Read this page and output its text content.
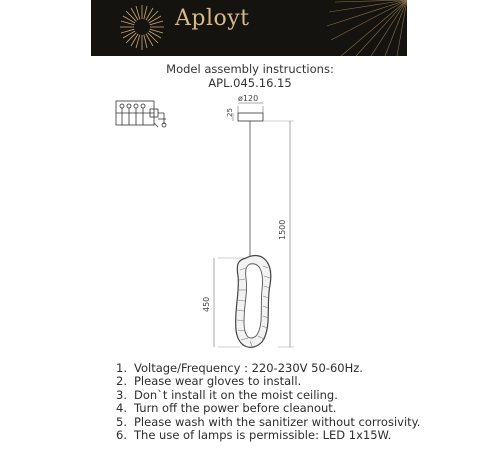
Aployt
Model assembly instructions:
APL.045.16.15
ø120
25
1500
450
1. Voltage/Frequency : 220-230V 50-60Hz.
2. Please wear gloves to install.
3. Don`t install it on the moist ceiling.
4. Turn off the power before cleanout.
5. Please wash with the sanitizer without corrosivity.
6. The use of lamps is permissible: LED 1x15W.
